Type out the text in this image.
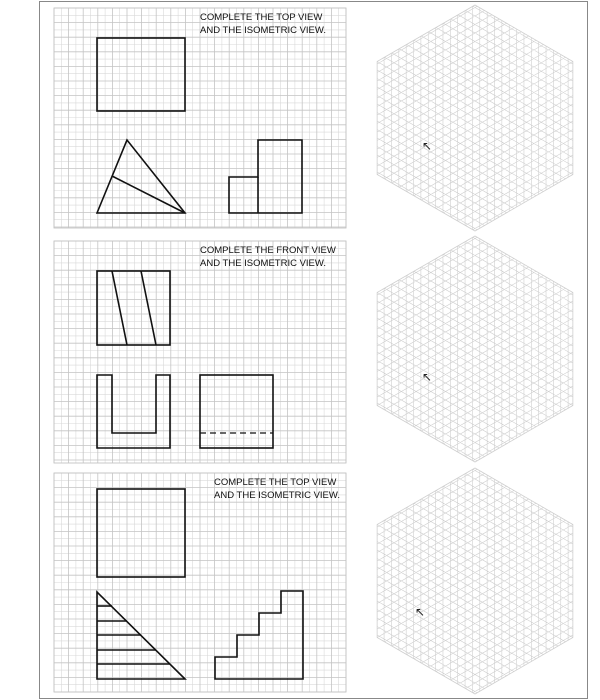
COMPLETE THE TOP VIEW
AND THE ISOMETRIC VIEW.
↖
COMPLETE THE FRONT VIEW
AND THE ISOMETRIC VIEW.
↖
COMPLETE THE TOP VIEW
AND THE ISOMETRIC VIEW.
↖
